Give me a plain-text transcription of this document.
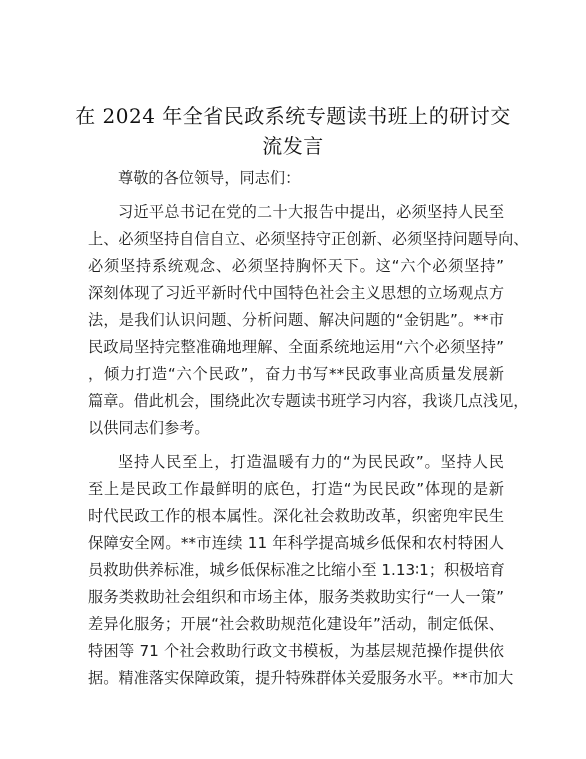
在 2024 年全省民政系统专题读书班上的研讨交
流发言
尊敬的各位领导，同志们：
习近平总书记在党的二十大报告中提出，必须坚持人民至
上、必须坚持自信自立、必须坚持守正创新、必须坚持问题导向、
必须坚持系统观念、必须坚持胸怀天下。这“六个必须坚持”
深刻体现了习近平新时代中国特色社会主义思想的立场观点方
法，是我们认识问题、分析问题、解决问题的“金钥匙”。**市
民政局坚持完整准确地理解、全面系统地运用“六个必须坚持”
，倾力打造“六个民政”，奋力书写**民政事业高质量发展新
篇章。借此机会，围绕此次专题读书班学习内容，我谈几点浅见，
以供同志们参考。
坚持人民至上，打造温暖有力的“为民民政”。坚持人民
至上是民政工作最鲜明的底色，打造“为民民政”体现的是新
时代民政工作的根本属性。深化社会救助改革，织密兜牢民生
保障安全网。**市连续 11 年科学提高城乡低保和农村特困人
员救助供养标准，城乡低保标准之比缩小至 1.13∶1；积极培育
服务类救助社会组织和市场主体，服务类救助实行“一人一策”
差异化服务；开展“社会救助规范化建设年”活动，制定低保、
特困等 71 个社会救助行政文书模板，为基层规范操作提供依
据。精准落实保障政策，提升特殊群体关爱服务水平。**市加大
